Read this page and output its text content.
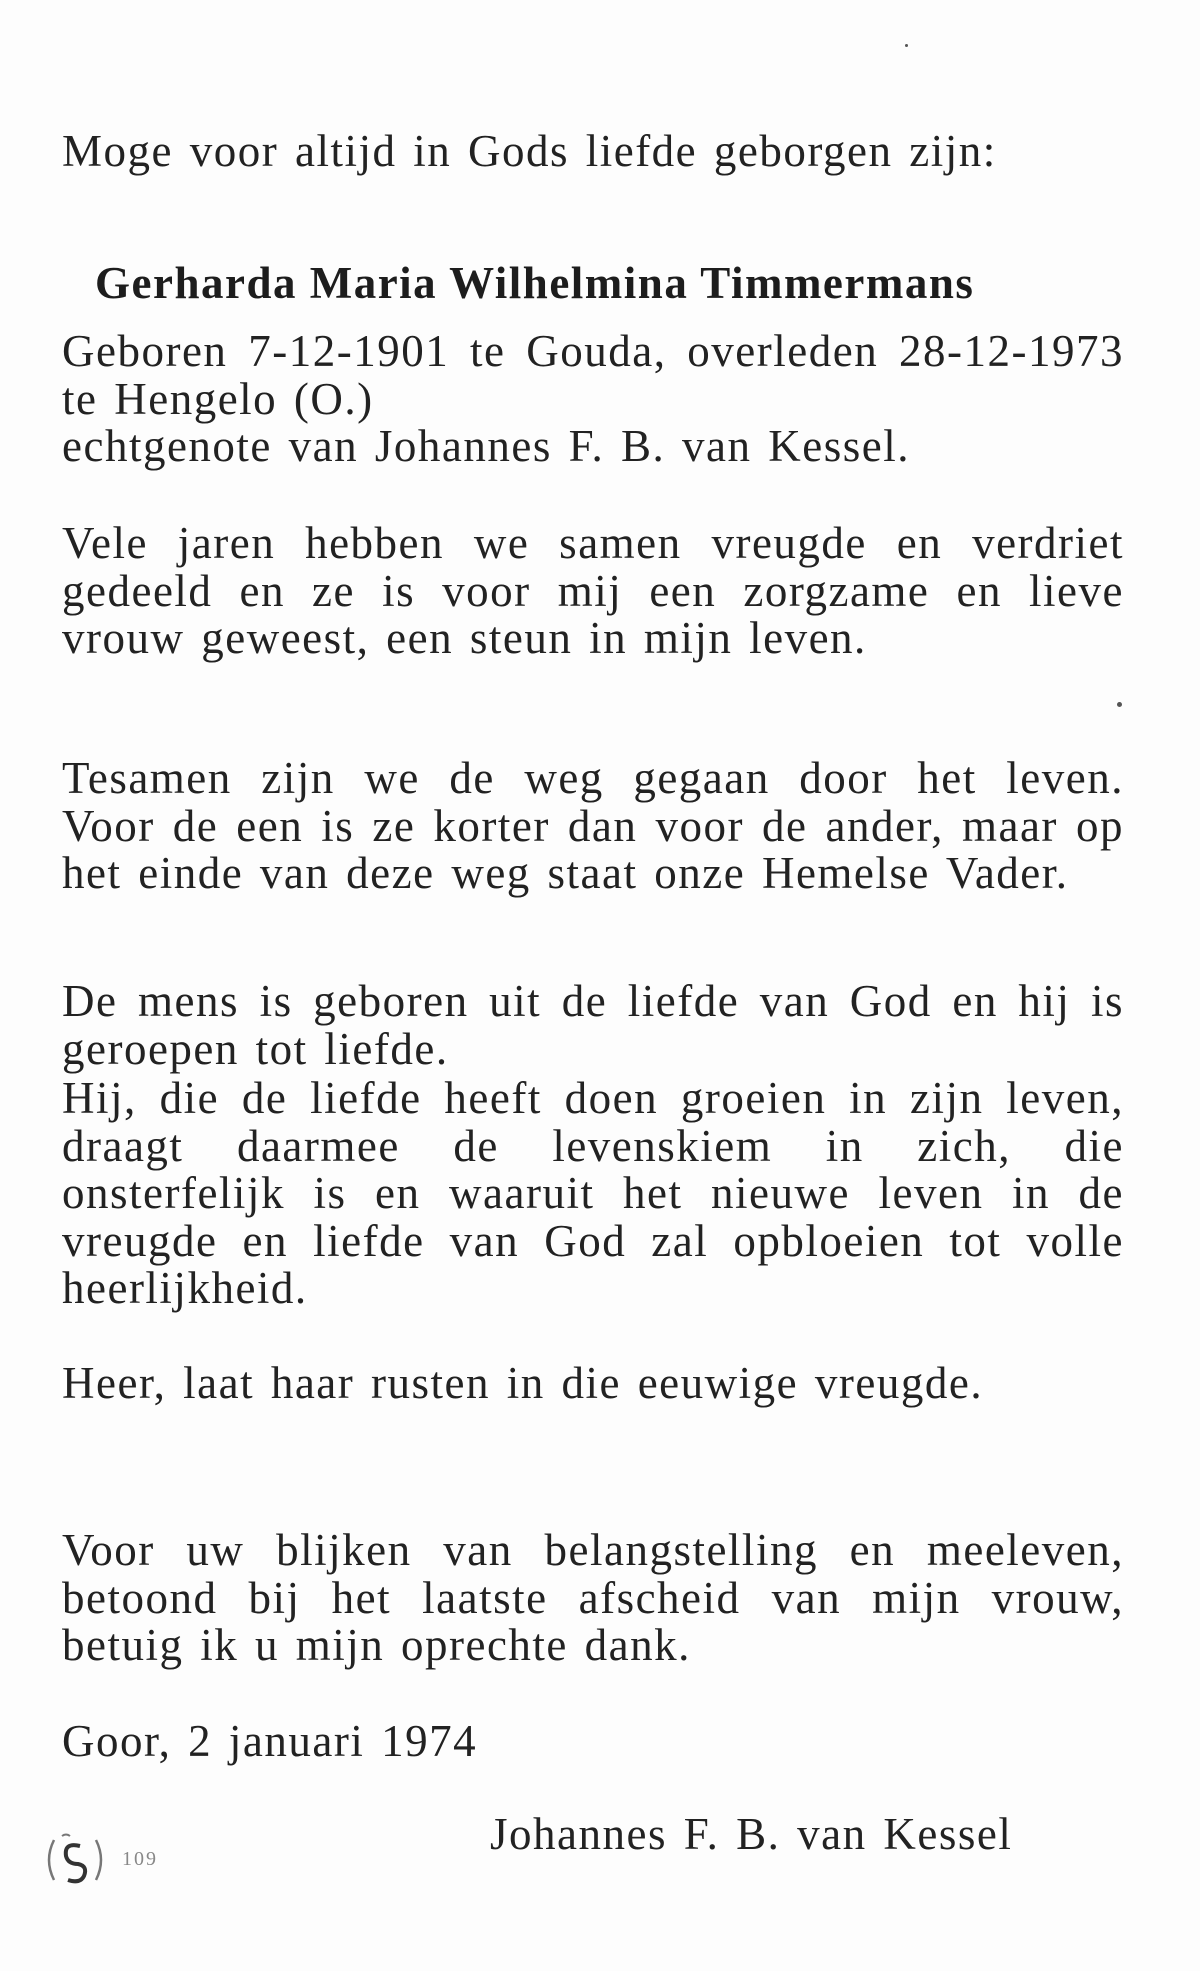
Moge voor altijd in Gods liefde geborgen zijn:
Gerharda Maria Wilhelmina Timmermans
Geboren 7-12-1901 te Gouda, overleden 28-12-1973 te Hengelo (O.)
echtgenote van Johannes F. B. van Kessel.
Vele jaren hebben we samen vreugde en verdriet gedeeld en ze is voor mij een zorgzame en lieve vrouw geweest, een steun in mijn leven.
Tesamen zijn we de weg gegaan door het leven. Voor de een is ze korter dan voor de ander, maar op het einde van deze weg staat onze Hemelse Vader.
De mens is geboren uit de liefde van God en hij is geroepen tot liefde.
Hij, die de liefde heeft doen groeien in zijn leven, draagt daarmee de levenskiem in zich, die onsterfelijk is en waaruit het nieuwe leven in de vreugde en liefde van God zal opbloeien tot volle heerlijkheid.
Heer, laat haar rusten in die eeuwige vreugde.
Voor uw blijken van belangstelling en meeleven, betoond bij het laatste afscheid van mijn vrouw, betuig ik u mijn oprechte dank.
Goor, 2 januari 1974
Johannes F. B. van Kessel
109
